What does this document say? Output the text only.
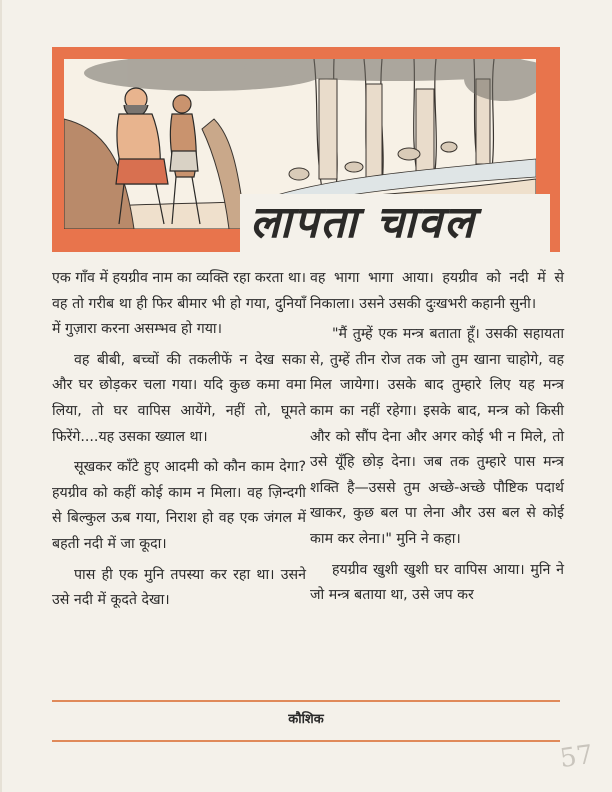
लापता चावल

एक गाँव में हयग्रीव नाम का व्यक्ति रहा करता था। वह तो गरीब था ही फिर बीमार भी हो गया, दुनियाँ में गुज़ारा करना असम्भव हो गया।

वह बीबी, बच्चों की तकलीफें न देख सका और घर छोड़कर चला गया। यदि कुछ कमा वमा लिया, तो घर वापिस आयेंगे, नहीं तो, घूमते फिरेंगे....यह उसका ख्याल था।

सूखकर काँटे हुए आदमी को कौन काम देगा? हयग्रीव को कहीं कोई काम न मिला। वह ज़िन्दगी से बिल्कुल ऊब गया, निराश हो वह एक जंगल में बहती नदी में जा कूदा।

पास ही एक मुनि तपस्या कर रहा था। उसने उसे नदी में कूदते देखा।

वह भागा भागा आया। हयग्रीव को नदी में से निकाला। उसने उसकी दुःखभरी कहानी सुनी।

"मैं तुम्हें एक मन्त्र बताता हूँ। उसकी सहायता से, तुम्हें तीन रोज तक जो तुम खाना चाहोगे, वह मिल जायेगा। उसके बाद तुम्हारे लिए यह मन्त्र काम का नहीं रहेगा। इसके बाद, मन्त्र को किसी और को सौंप देना और अगर कोई भी न मिले, तो उसे यूँहि छोड़ देना। जब तक तुम्हारे पास मन्त्र शक्ति है—उससे तुम अच्छे-अच्छे पौष्टिक पदार्थ खाकर, कुछ बल पा लेना और उस बल से कोई काम कर लेना।" मुनि ने कहा।

हयग्रीव खुशी खुशी घर वापिस आया। मुनि ने जो मन्त्र बताया था, उसे जप कर

कौशिक
57
